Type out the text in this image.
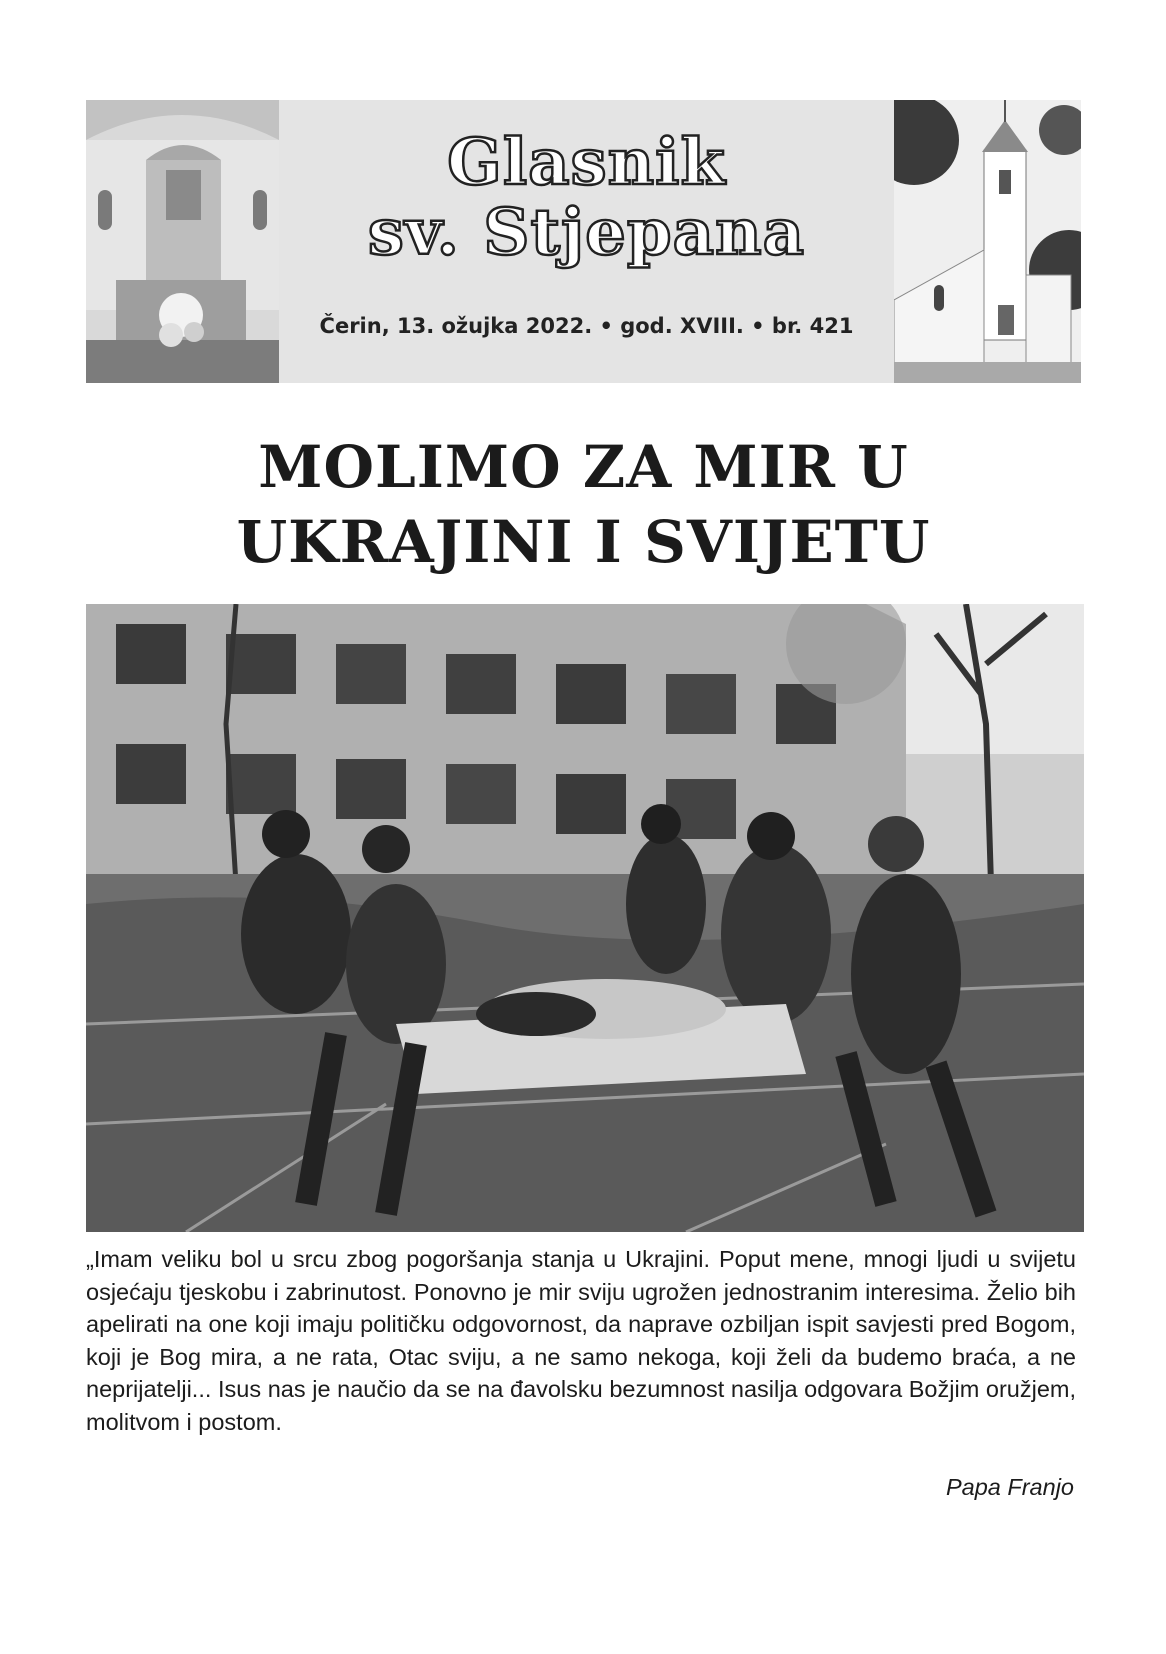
Glasnik
sv. Stjepana
Čerin, 13. ožujka 2022. • god. XVIII. • br. 421
MOLIMO ZA MIR U
UKRAJINI I SVIJETU
„Imam veliku bol u srcu zbog pogoršanja stanja u Ukrajini. Poput mene, mnogi ljudi u svijetu osjećaju tjeskobu i zabrinutost. Ponovno je mir sviju ugrožen jednostranim interesima. Želio bih apelirati na one koji imaju političku odgovornost, da naprave ozbiljan ispit savjesti pred Bogom, koji je Bog mira, a ne rata, Otac sviju, a ne samo nekoga, koji želi da budemo braća, a ne neprijatelji... Isus nas je naučio da se na đavolsku bezumnost nasilja odgovara Božjim oružjem, molitvom i postom.
Papa Franjo
